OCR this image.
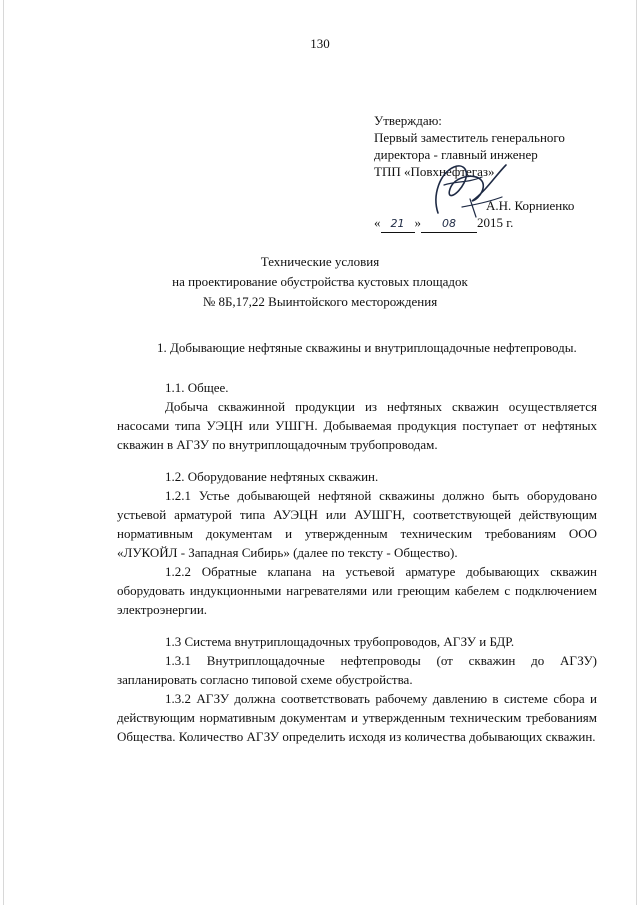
130
Утверждаю:
Первый заместитель генерального
директора - главный инженер
ТПП «Повхнефтегаз»
А.Н. Корниенко
« 21 »	08	2015 г.
Технические условия
на проектирование обустройства кустовых площадок
№ 8Б,17,22 Выинтойского месторождения

1. Добывающие нефтяные скважины и внутриплощадочные нефтепроводы.

1.1. Общее.

Добыча скважинной продукции из нефтяных скважин осуществляется насосами типа УЭЦН или УШГН. Добываемая продукция поступает от нефтяных скважин в АГЗУ по внутриплощадочным трубопроводам.

1.2. Оборудование нефтяных скважин.

1.2.1 Устье добывающей нефтяной скважины должно быть оборудовано устьевой арматурой типа АУЭЦН или АУШГН, соответствующей действующим нормативным документам и утвержденным техническим требованиям ООО «ЛУКОЙЛ - Западная Сибирь» (далее по тексту - Общество).

1.2.2 Обратные клапана на устьевой арматуре добывающих скважин оборудовать индукционными нагревателями или греющим кабелем с подключением электроэнергии.

1.3 Система внутриплощадочных трубопроводов, АГЗУ и БДР.

1.3.1 Внутриплощадочные нефтепроводы (от скважин до АГЗУ) запланировать согласно типовой схеме обустройства.

1.3.2 АГЗУ должна соответствовать рабочему давлению в системе сбора и действующим нормативным документам и утвержденным техническим требованиям Общества. Количество АГЗУ определить исходя из количества добывающих скважин.
